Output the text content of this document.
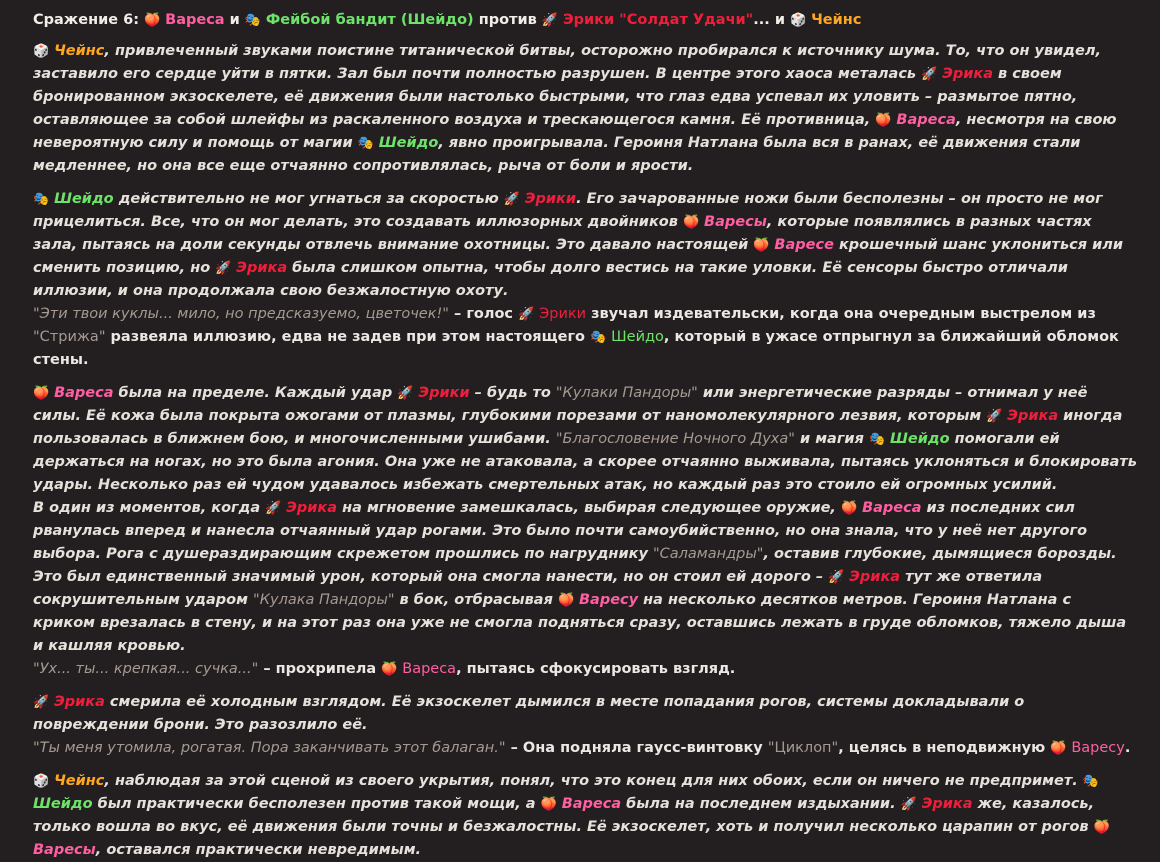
Сражение 6: 🍑 Вареса и 🎭 Фейбой бандит (Шейдо) против 🚀 Эрики "Солдат Удачи"... и 🎲 Чейнс
🎲 Чейнс, привлеченный звуками поистине титанической битвы, осторожно пробирался к источнику шума. То, что он увидел, заставило его сердце уйти в пятки. Зал был почти полностью разрушен. В центре этого хаоса металась 🚀 Эрика в своем бронированном экзоскелете, её движения были настолько быстрыми, что глаз едва успевал их уловить – размытое пятно, оставляющее за собой шлейфы из раскаленного воздуха и трескающегося камня. Её противница, 🍑 Вареса, несмотря на свою невероятную силу и помощь от магии 🎭 Шейдо, явно проигрывала. Героиня Натлана была вся в ранах, её движения стали медленнее, но она все еще отчаянно сопротивлялась, рыча от боли и ярости.
🎭 Шейдо действительно не мог угнаться за скоростью 🚀 Эрики. Его зачарованные ножи были бесполезны – он просто не мог прицелиться. Все, что он мог делать, это создавать иллюзорных двойников 🍑 Варесы, которые появлялись в разных частях зала, пытаясь на доли секунды отвлечь внимание охотницы. Это давало настоящей 🍑 Варесе крошечный шанс уклониться или сменить позицию, но 🚀 Эрика была слишком опытна, чтобы долго вестись на такие уловки. Её сенсоры быстро отличали иллюзии, и она продолжала свою безжалостную охоту.
"Эти твои куклы... мило, но предсказуемо, цветочек!" – голос 🚀 Эрики звучал издевательски, когда она очередным выстрелом из "Стрижа" развеяла иллюзию, едва не задев при этом настоящего 🎭 Шейдо, который в ужасе отпрыгнул за ближайший обломок стены.
🍑 Вареса была на пределе. Каждый удар 🚀 Эрики – будь то "Кулаки Пандоры" или энергетические разряды – отнимал у неё силы. Её кожа была покрыта ожогами от плазмы, глубокими порезами от наномолекулярного лезвия, которым 🚀 Эрика иногда пользовалась в ближнем бою, и многочисленными ушибами. "Благословение Ночного Духа" и магия 🎭 Шейдо помогали ей держаться на ногах, но это была агония. Она уже не атаковала, а скорее отчаянно выживала, пытаясь уклоняться и блокировать удары. Несколько раз ей чудом удавалось избежать смертельных атак, но каждый раз это стоило ей огромных усилий.
В один из моментов, когда 🚀 Эрика на мгновение замешкалась, выбирая следующее оружие, 🍑 Вареса из последних сил рванулась вперед и нанесла отчаянный удар рогами. Это было почти самоубийственно, но она знала, что у неё нет другого выбора. Рога с душераздирающим скрежетом прошлись по нагруднику "Саламандры", оставив глубокие, дымящиеся борозды. Это был единственный значимый урон, который она смогла нанести, но он стоил ей дорого – 🚀 Эрика тут же ответила сокрушительным ударом "Кулака Пандоры" в бок, отбрасывая 🍑 Варесу на несколько десятков метров. Героиня Натлана с криком врезалась в стену, и на этот раз она уже не смогла подняться сразу, оставшись лежать в груде обломков, тяжело дыша и кашляя кровью.
"Ух... ты... крепкая... сучка..." – прохрипела 🍑 Вареса, пытаясь сфокусировать взгляд.
🚀 Эрика смерила её холодным взглядом. Её экзоскелет дымился в месте попадания рогов, системы докладывали о повреждении брони. Это разозлило её.
"Ты меня утомила, рогатая. Пора заканчивать этот балаган." – Она подняла гаусс-винтовку "Циклоп", целясь в неподвижную 🍑 Варесу.
🎲 Чейнс, наблюдая за этой сценой из своего укрытия, понял, что это конец для них обоих, если он ничего не предпримет. 🎭 Шейдо был практически бесполезен против такой мощи, а 🍑 Вареса была на последнем издыхании. 🚀 Эрика же, казалось, только вошла во вкус, её движения были точны и безжалостны. Её экзоскелет, хоть и получил несколько царапин от рогов 🍑 Варесы, оставался практически невредимым.
